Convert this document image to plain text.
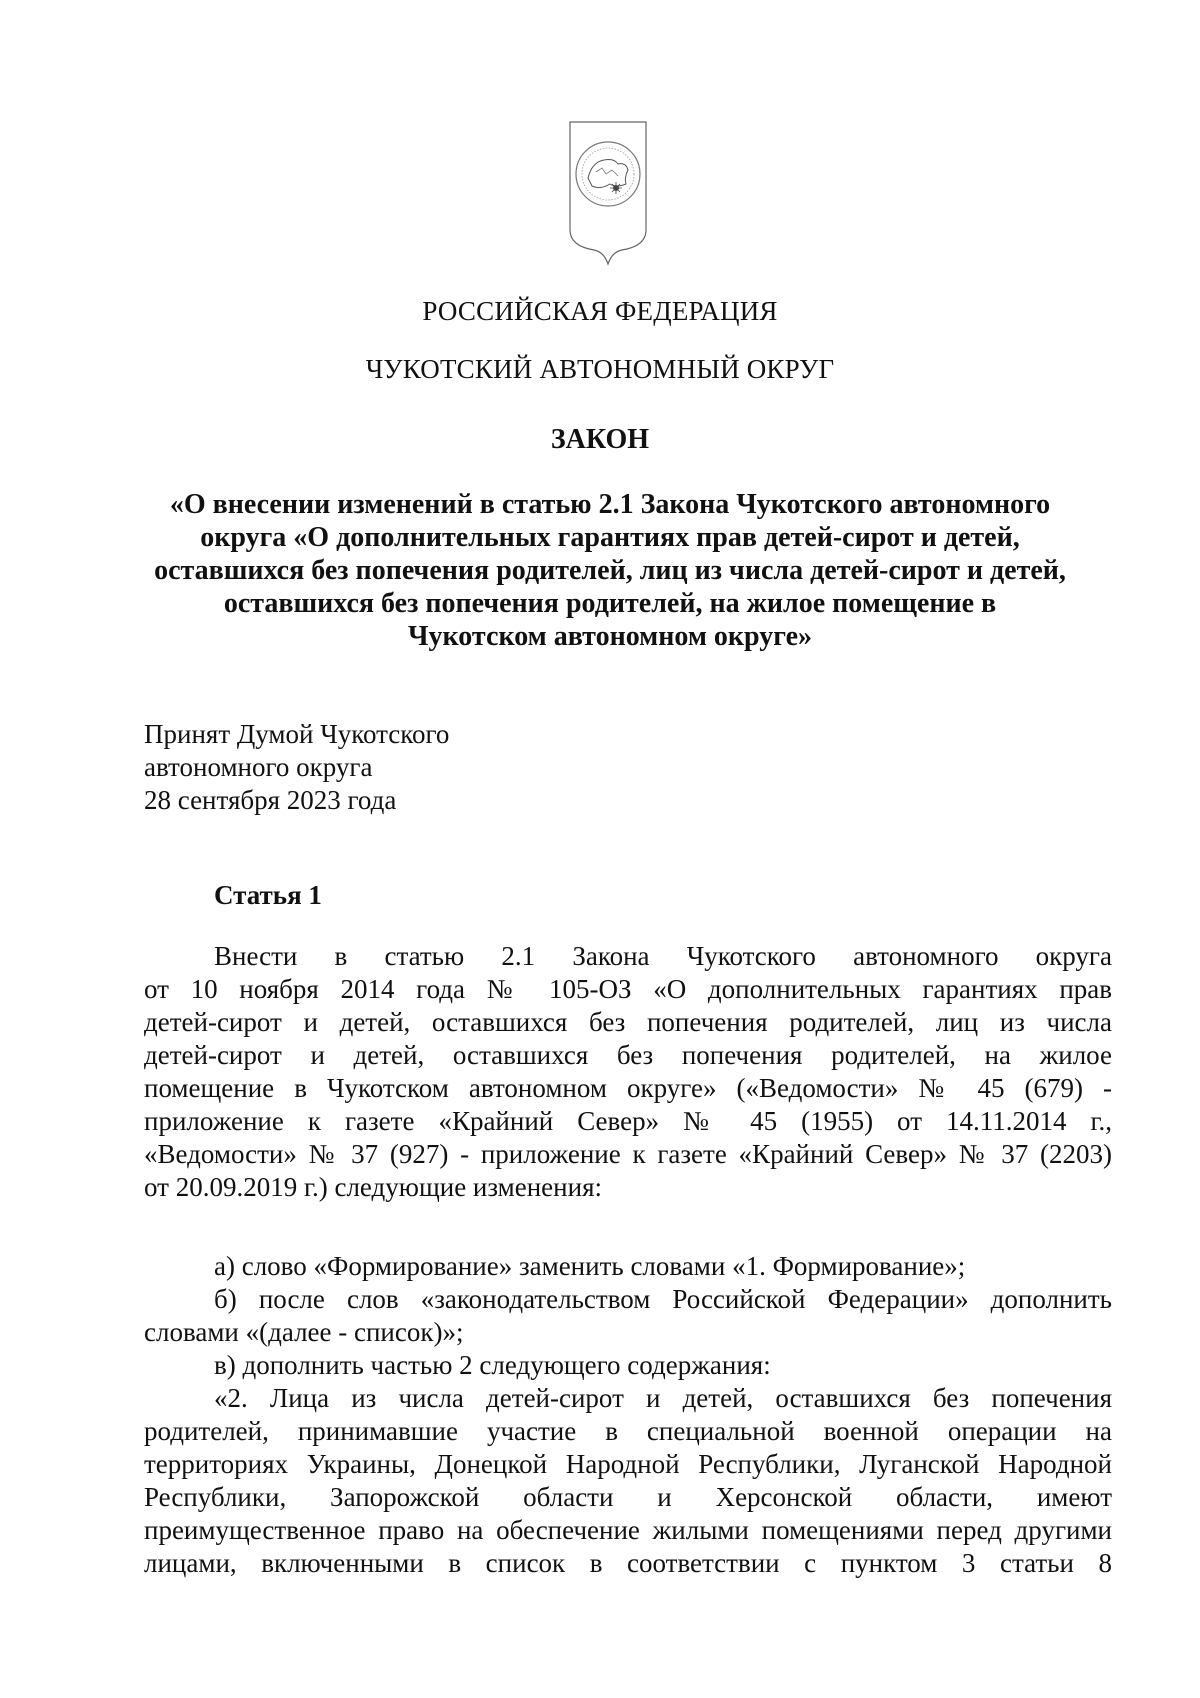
РОССИЙСКАЯ ФЕДЕРАЦИЯ
ЧУКОТСКИЙ АВТОНОМНЫЙ ОКРУГ
ЗАКОН
«О внесении изменений в статью 2.1 Закона Чукотского автономного
округа «О дополнительных гарантиях прав детей-сирот и детей,
оставшихся без попечения родителей, лиц из числа детей-сирот и детей,
оставшихся без попечения родителей, на жилое помещение в
Чукотском автономном округе»
Принят Думой Чукотского
автономного округа
28 сентября 2023 года
Статья 1
Внести в статью 2.1 Закона Чукотского автономного округа
от 10 ноября 2014 года № 105-ОЗ «О дополнительных гарантиях прав
детей-сирот и детей, оставшихся без попечения родителей, лиц из числа
детей-сирот и детей, оставшихся без попечения родителей, на жилое
помещение в Чукотском автономном округе» («Ведомости» № 45 (679) -
приложение к газете «Крайний Север» № 45 (1955) от 14.11.2014 г.,
«Ведомости» № 37 (927) - приложение к газете «Крайний Север» № 37 (2203)
от 20.09.2019 г.) следующие изменения:
а) слово «Формирование» заменить словами «1. Формирование»;
б) после слов «законодательством Российской Федерации» дополнить
словами «(далее - список)»;
в) дополнить частью 2 следующего содержания:
«2. Лица из числа детей-сирот и детей, оставшихся без попечения
родителей, принимавшие участие в специальной военной операции на
территориях Украины, Донецкой Народной Республики, Луганской Народной
Республики, Запорожской области и Херсонской области, имеют
преимущественное право на обеспечение жилыми помещениями перед другими
лицами, включенными в список в соответствии с пунктом 3 статьи 8
